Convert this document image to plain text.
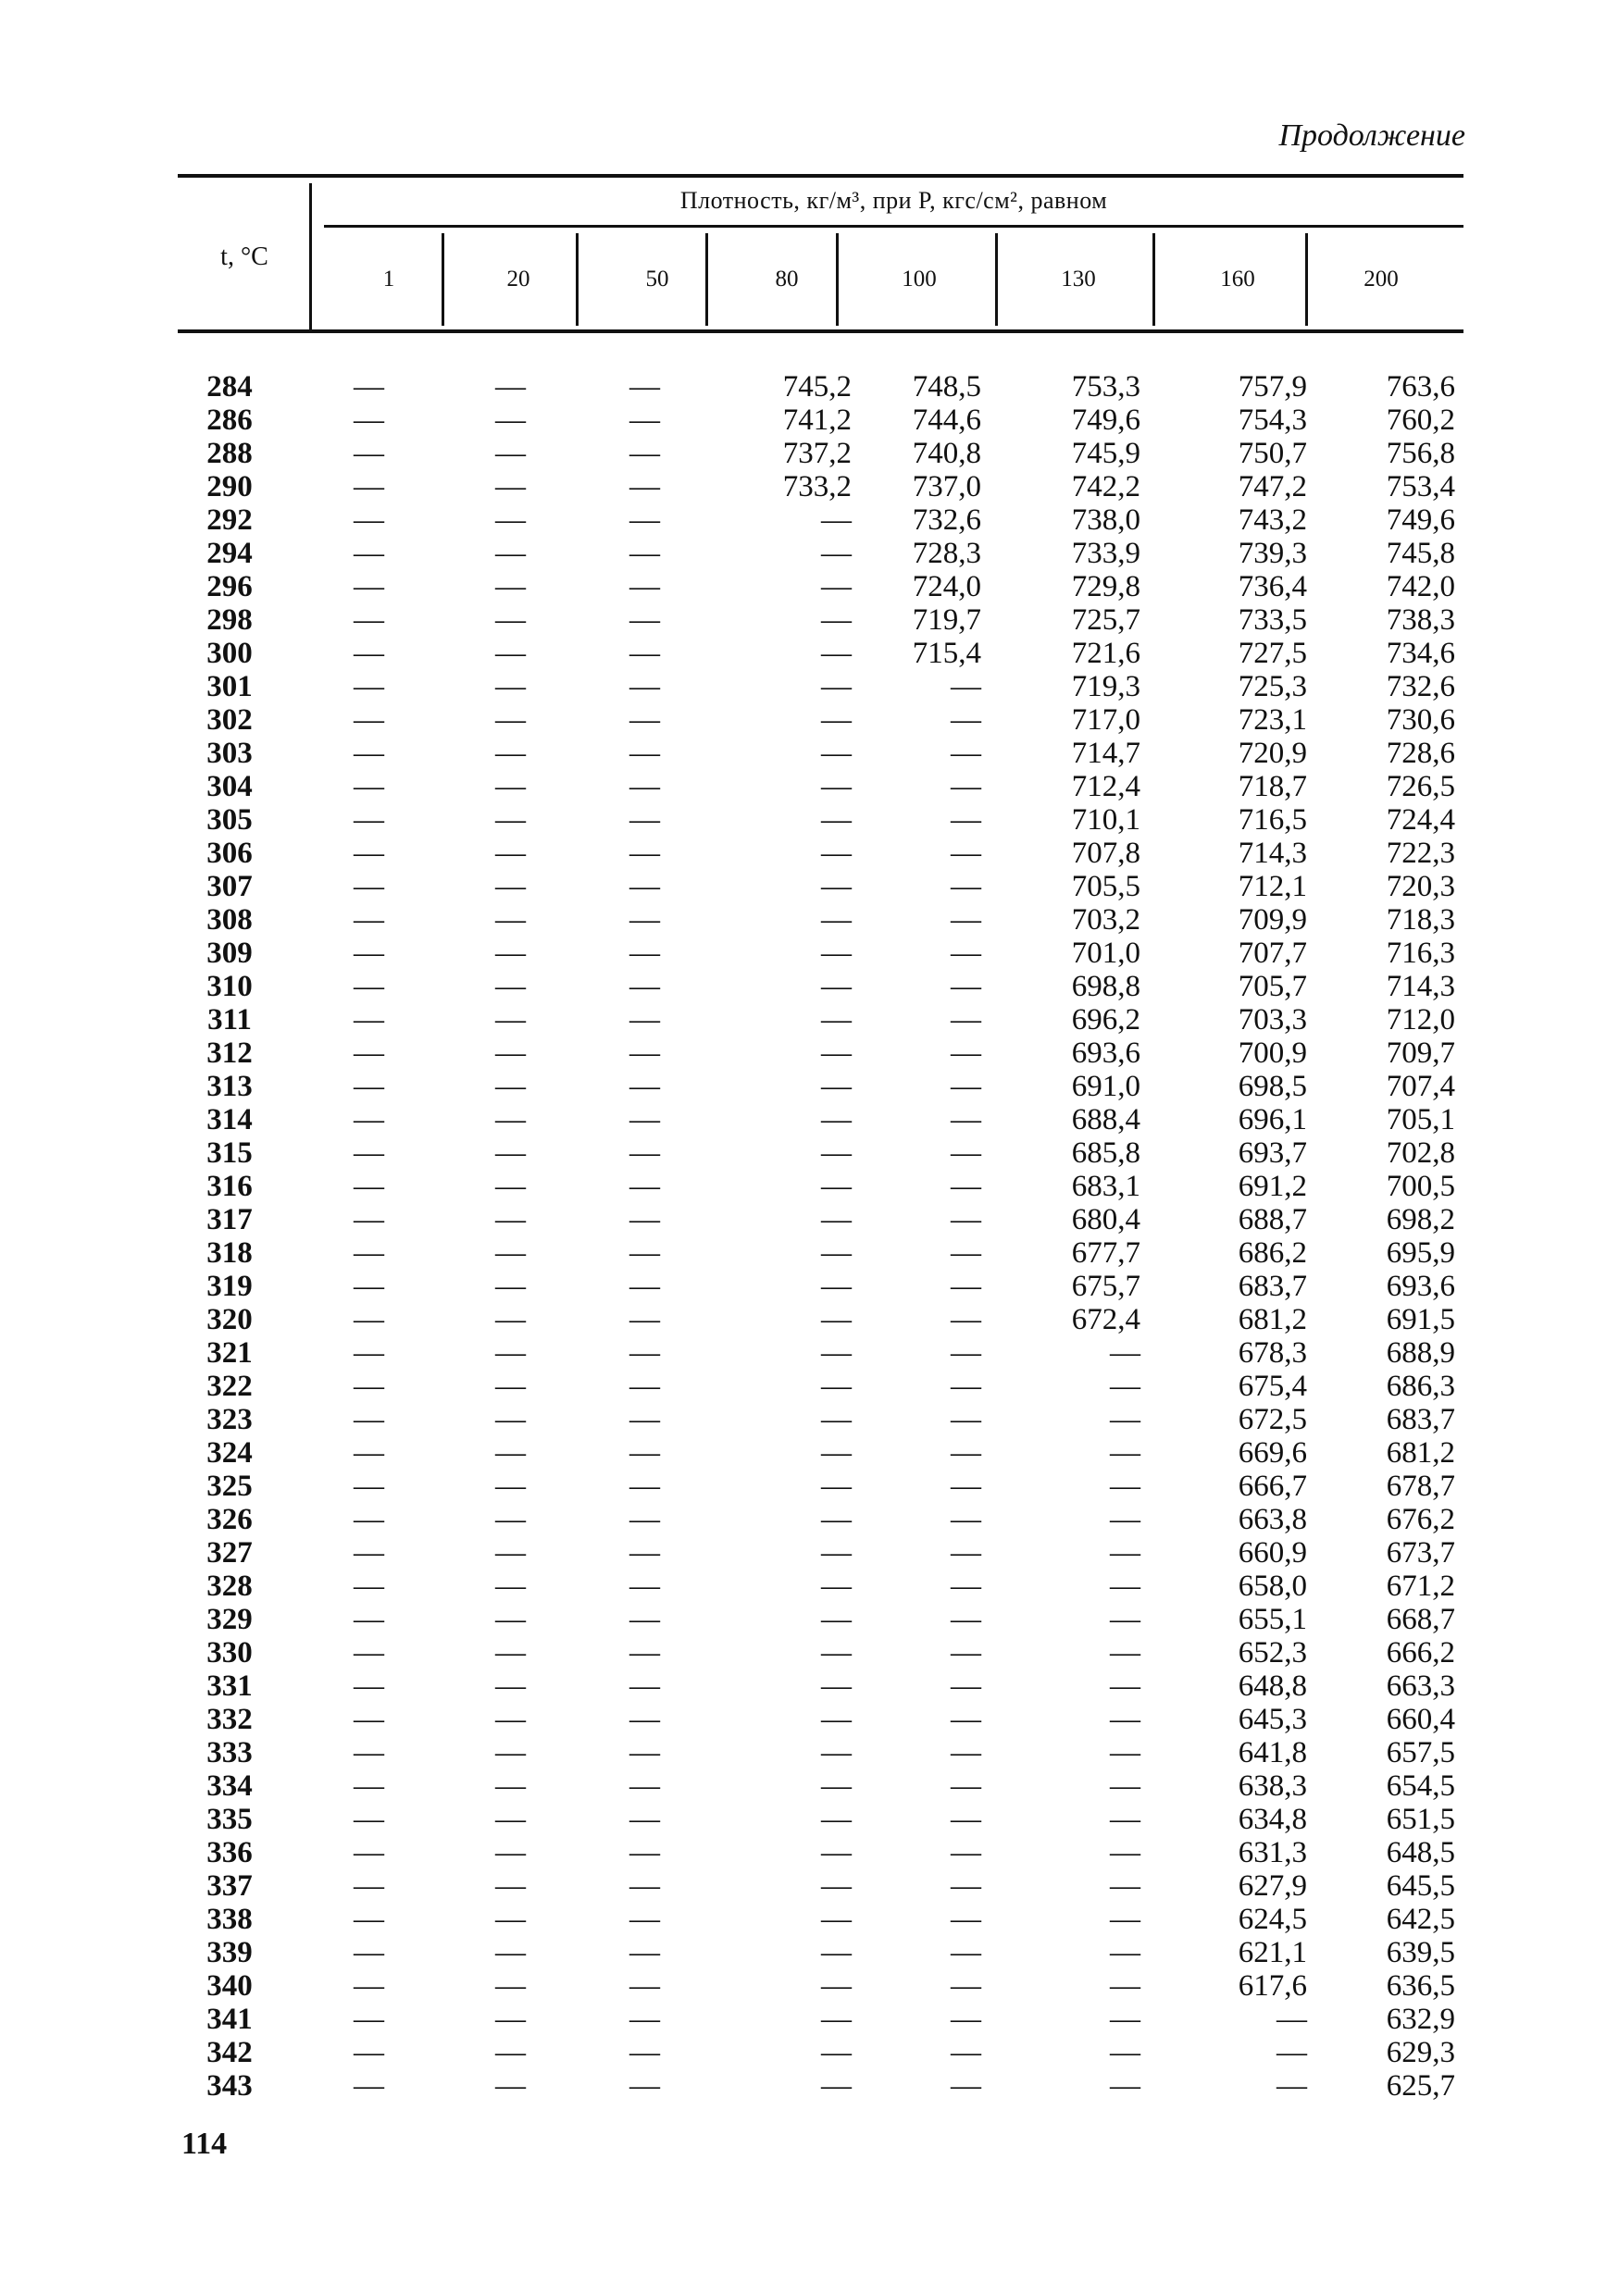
Продолжение
Плотность, кг/м³, при P, кгс/см², равном
t, °C
1	20	50	80	100	130	160	200
284	—	—	—	745,2	748,5	753,3	757,9	763,6
286	—	—	—	741,2	744,6	749,6	754,3	760,2
288	—	—	—	737,2	740,8	745,9	750,7	756,8
290	—	—	—	733,2	737,0	742,2	747,2	753,4
292	—	—	—	—	732,6	738,0	743,2	749,6
294	—	—	—	—	728,3	733,9	739,3	745,8
296	—	—	—	—	724,0	729,8	736,4	742,0
298	—	—	—	—	719,7	725,7	733,5	738,3
300	—	—	—	—	715,4	721,6	727,5	734,6
301	—	—	—	—	—	719,3	725,3	732,6
302	—	—	—	—	—	717,0	723,1	730,6
303	—	—	—	—	—	714,7	720,9	728,6
304	—	—	—	—	—	712,4	718,7	726,5
305	—	—	—	—	—	710,1	716,5	724,4
306	—	—	—	—	—	707,8	714,3	722,3
307	—	—	—	—	—	705,5	712,1	720,3
308	—	—	—	—	—	703,2	709,9	718,3
309	—	—	—	—	—	701,0	707,7	716,3
310	—	—	—	—	—	698,8	705,7	714,3
311	—	—	—	—	—	696,2	703,3	712,0
312	—	—	—	—	—	693,6	700,9	709,7
313	—	—	—	—	—	691,0	698,5	707,4
314	—	—	—	—	—	688,4	696,1	705,1
315	—	—	—	—	—	685,8	693,7	702,8
316	—	—	—	—	—	683,1	691,2	700,5
317	—	—	—	—	—	680,4	688,7	698,2
318	—	—	—	—	—	677,7	686,2	695,9
319	—	—	—	—	—	675,7	683,7	693,6
320	—	—	—	—	—	672,4	681,2	691,5
321	—	—	—	—	—	—	678,3	688,9
322	—	—	—	—	—	—	675,4	686,3
323	—	—	—	—	—	—	672,5	683,7
324	—	—	—	—	—	—	669,6	681,2
325	—	—	—	—	—	—	666,7	678,7
326	—	—	—	—	—	—	663,8	676,2
327	—	—	—	—	—	—	660,9	673,7
328	—	—	—	—	—	—	658,0	671,2
329	—	—	—	—	—	—	655,1	668,7
330	—	—	—	—	—	—	652,3	666,2
331	—	—	—	—	—	—	648,8	663,3
332	—	—	—	—	—	—	645,3	660,4
333	—	—	—	—	—	—	641,8	657,5
334	—	—	—	—	—	—	638,3	654,5
335	—	—	—	—	—	—	634,8	651,5
336	—	—	—	—	—	—	631,3	648,5
337	—	—	—	—	—	—	627,9	645,5
338	—	—	—	—	—	—	624,5	642,5
339	—	—	—	—	—	—	621,1	639,5
340	—	—	—	—	—	—	617,6	636,5
341	—	—	—	—	—	—	—	632,9
342	—	—	—	—	—	—	—	629,3
343	—	—	—	—	—	—	—	625,7
114
